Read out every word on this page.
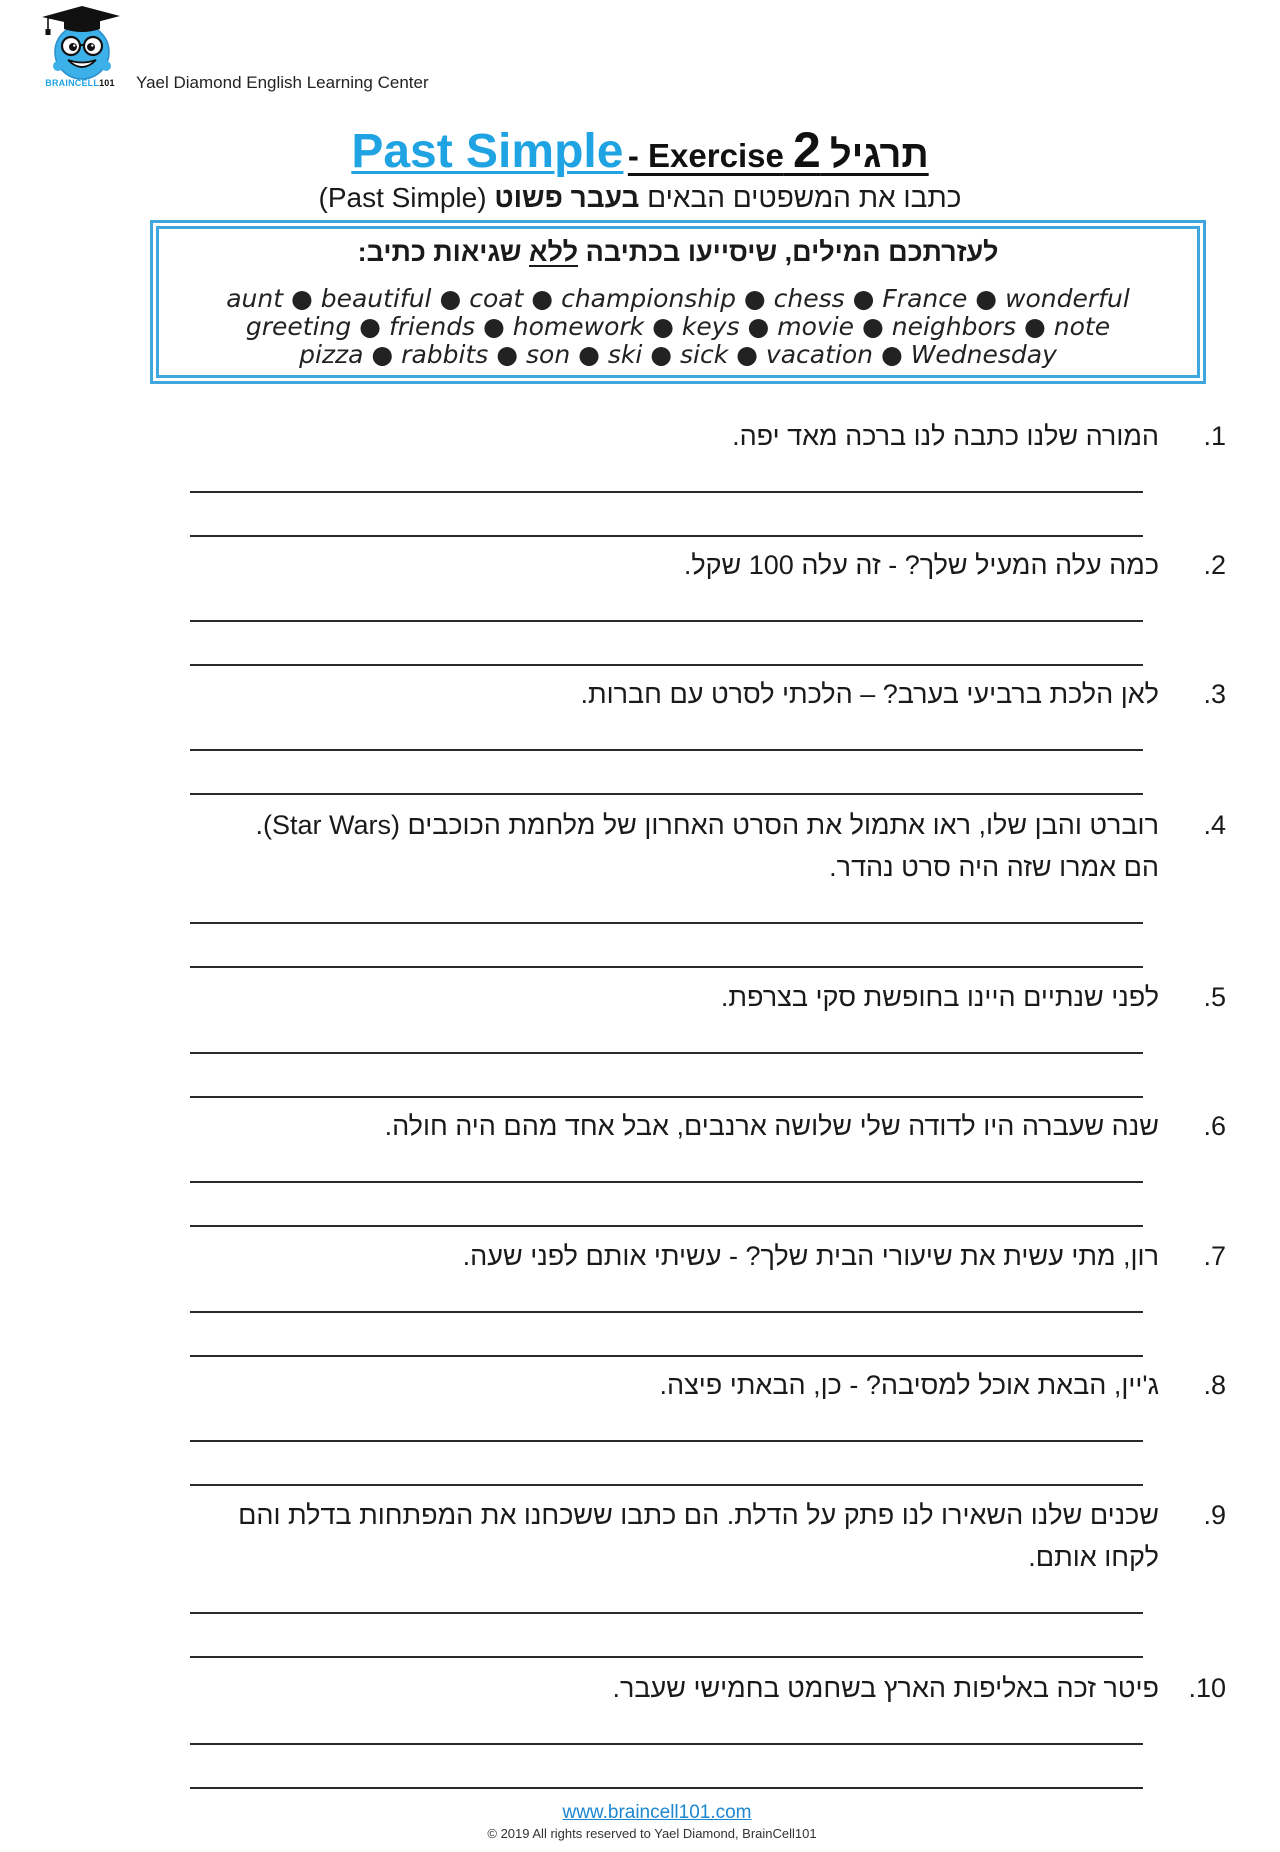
BRAINCELL101	Yael Diamond English Learning Center
Past Simple - Exercise 2 תרגיל
כתבו את המשפטים הבאים בעבר פשוט (Past Simple)
לעזרתכם המילים, שיסייעו בכתיבה ללא שגיאות כתיב:
aunt ● beautiful ● coat ● championship ● chess ● France ● wonderful
greeting ● friends ● homework ● keys ● movie ● neighbors ● note
pizza ● rabbits ● son ● ski ● sick ● vacation ● Wednesday
1.
המורה שלנו כתבה לנו ברכה מאד יפה.
2.
כמה עלה המעיל שלך? - זה עלה 100 שקל.
3.
לאן הלכת ברביעי בערב? – הלכתי לסרט עם חברות.
4.
רוברט והבן שלו, ראו אתמול את הסרט האחרון של מלחמת הכוכבים (Star Wars).
הם אמרו שזה היה סרט נהדר.
5.
לפני שנתיים היינו בחופשת סקי בצרפת.
6.
שנה שעברה היו לדודה שלי שלושה ארנבים, אבל אחד מהם היה חולה.
7.
רון, מתי עשית את שיעורי הבית שלך? - עשיתי אותם לפני שעה.
8.
ג'יין, הבאת אוכל למסיבה? - כן, הבאתי פיצה.
9.
שכנים שלנו השאירו לנו פתק על הדלת. הם כתבו ששכחנו את המפתחות בדלת והם
לקחו אותם.
10.
פיטר זכה באליפות הארץ בשחמט בחמישי שעבר.
www.braincell101.com
© 2019 All rights reserved to Yael Diamond, BrainCell101
